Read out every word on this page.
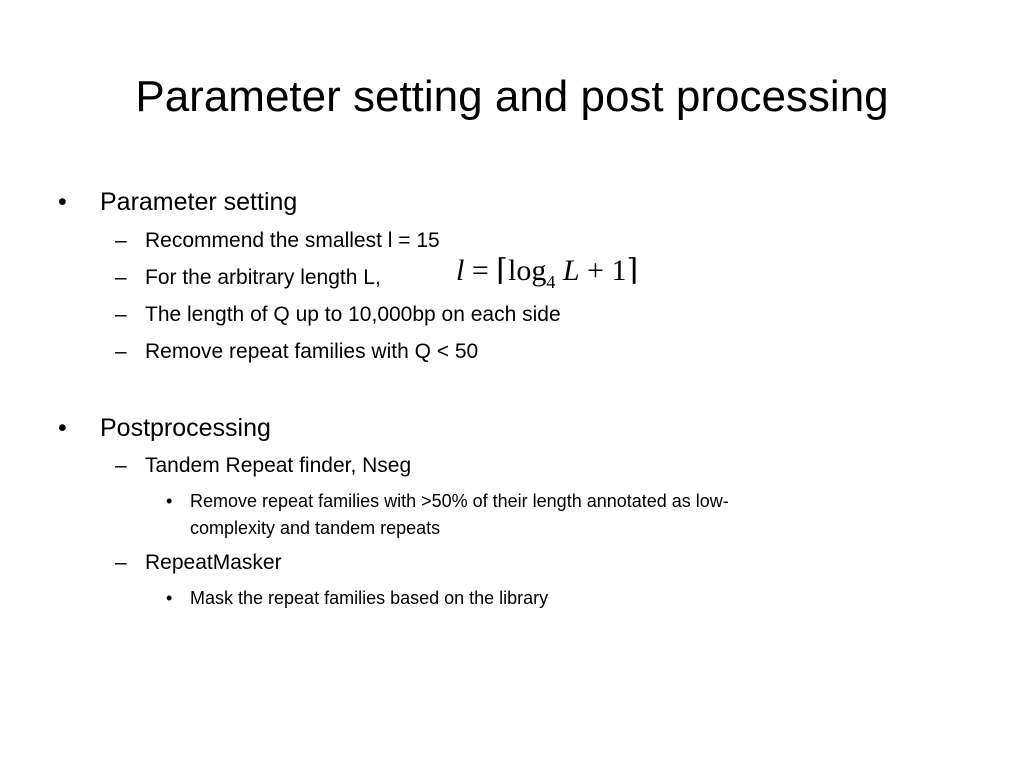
Parameter setting and post processing
• Parameter setting
– Recommend the smallest l = 15
– For the arbitrary length L,
– The length of Q up to 10,000bp on each side
– Remove repeat families with Q < 50
$l = ⌈\log_4$ L + 1⌉
• Postprocessing
– Tandem Repeat finder, Nseg
• Remove repeat families with >50% of their length annotated as low-
complexity and tandem repeats
– RepeatMasker
• Mask the repeat families based on the library
